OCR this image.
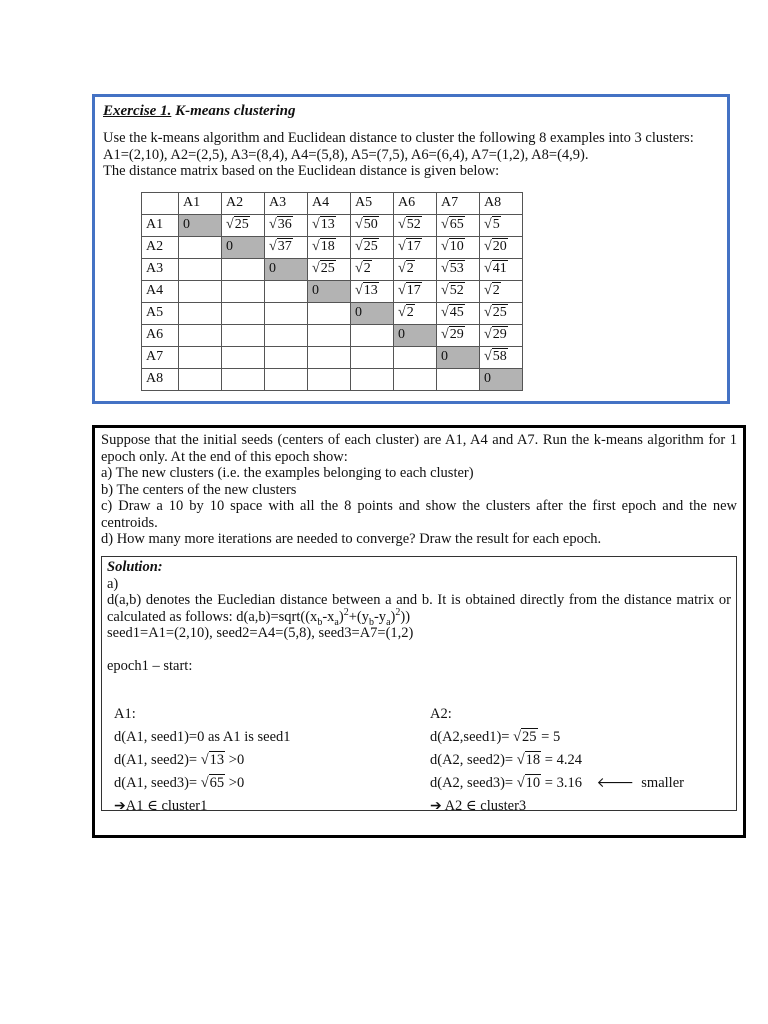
Exercise 1. K-means clustering

Use the k-means algorithm and Euclidean distance to cluster the following 8 examples into 3 clusters:

A1=(2,10), A2=(2,5), A3=(8,4), A4=(5,8), A5=(7,5), A6=(6,4), A7=(1,2), A8=(4,9).

The distance matrix based on the Euclidean distance is given below:

	A1	A2	A3	A4	A5	A6	A7	A8
A1	0	√25	√36	√13	√50	√52	√65	√5
A2		0	√37	√18	√25	√17	√10	√20
A3			0	√25	√2	√2	√53	√41
A4				0	√13	√17	√52	√2
A5					0	√2	√45	√25
A6						0	√29	√29
A7							0	√58
A8								0

Suppose that the initial seeds (centers of each cluster) are A1, A4 and A7. Run the k-means algorithm for 1 epoch only. At the end of this epoch show:

a) The new clusters (i.e. the examples belonging to each cluster)

b) The centers of the new clusters

c) Draw a 10 by 10 space with all the 8 points and show the clusters after the first epoch and the new centroids.

d) How many more iterations are needed to converge? Draw the result for each epoch.

Solution:

a)

d(a,b) denotes the Eucledian distance between a and b. It is obtained directly from the distance matrix or calculated as follows: $d(a,b)=sqrt((x_b-x_a)^2+(y_b-y_a)^2)$)

seed1=A1=(2,10), seed2=A4=(5,8), seed3=A7=(1,2)

epoch1 – start:

A1:
d(A1, seed1)=0 as A1 is seed1
d(A1, seed2)= √13 >0
d(A1, seed3)= √65 >0
➔A1 ∈ cluster1
A2:
d(A2,seed1)= √25 = 5
d(A2, seed2)= √18 = 4.24
d(A2, seed3)= √10 = 3.16 🡐 smaller
➔ A2 ∈ cluster3
